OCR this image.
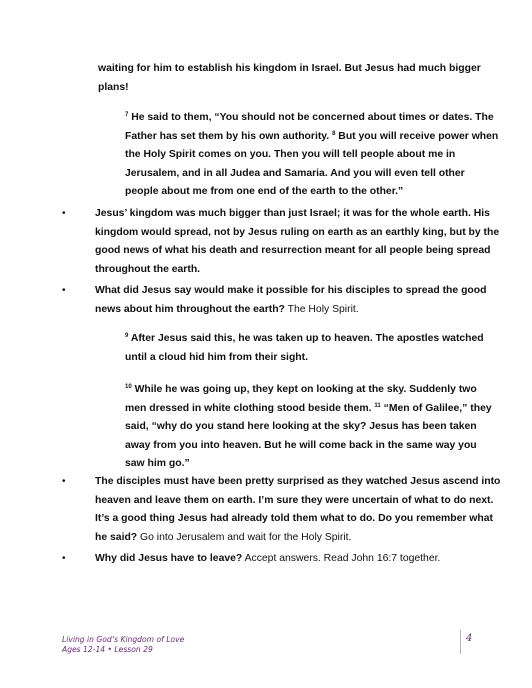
waiting for him to establish his kingdom in Israel. But Jesus had much bigger
plans!
$^7$ He said to them, “You should not be concerned about times or dates. The
Father has set them by his own authority. $^8$ But you will receive power when
the Holy Spirit comes on you. Then you will tell people about me in
Jerusalem, and in all Judea and Samaria. And you will even tell other
people about me from one end of the earth to the other.”
•	Jesus’ kingdom was much bigger than just Israel; it was for the whole earth. His
kingdom would spread, not by Jesus ruling on earth as an earthly king, but by the
good news of what his death and resurrection meant for all people being spread
throughout the earth.
•	What did Jesus say would make it possible for his disciples to spread the good
news about him throughout the earth? The Holy Spirit.
$^9$ After Jesus said this, he was taken up to heaven. The apostles watched
until a cloud hid him from their sight.
$^{10}$ While he was going up, they kept on looking at the sky. Suddenly two
men dressed in white clothing stood beside them. $^{11}$ “Men of Galilee,” they
said, “why do you stand here looking at the sky? Jesus has been taken
away from you into heaven. But he will come back in the same way you
saw him go.”
•	The disciples must have been pretty surprised as they watched Jesus ascend into
heaven and leave them on earth. I’m sure they were uncertain of what to do next.
It’s a good thing Jesus had already told them what to do. Do you remember what
he said? Go into Jerusalem and wait for the Holy Spirit.
•	Why did Jesus have to leave? Accept answers. Read John 16:7 together.
Living in God’s Kingdom of Love
Ages 12-14 • Lesson 29
4
